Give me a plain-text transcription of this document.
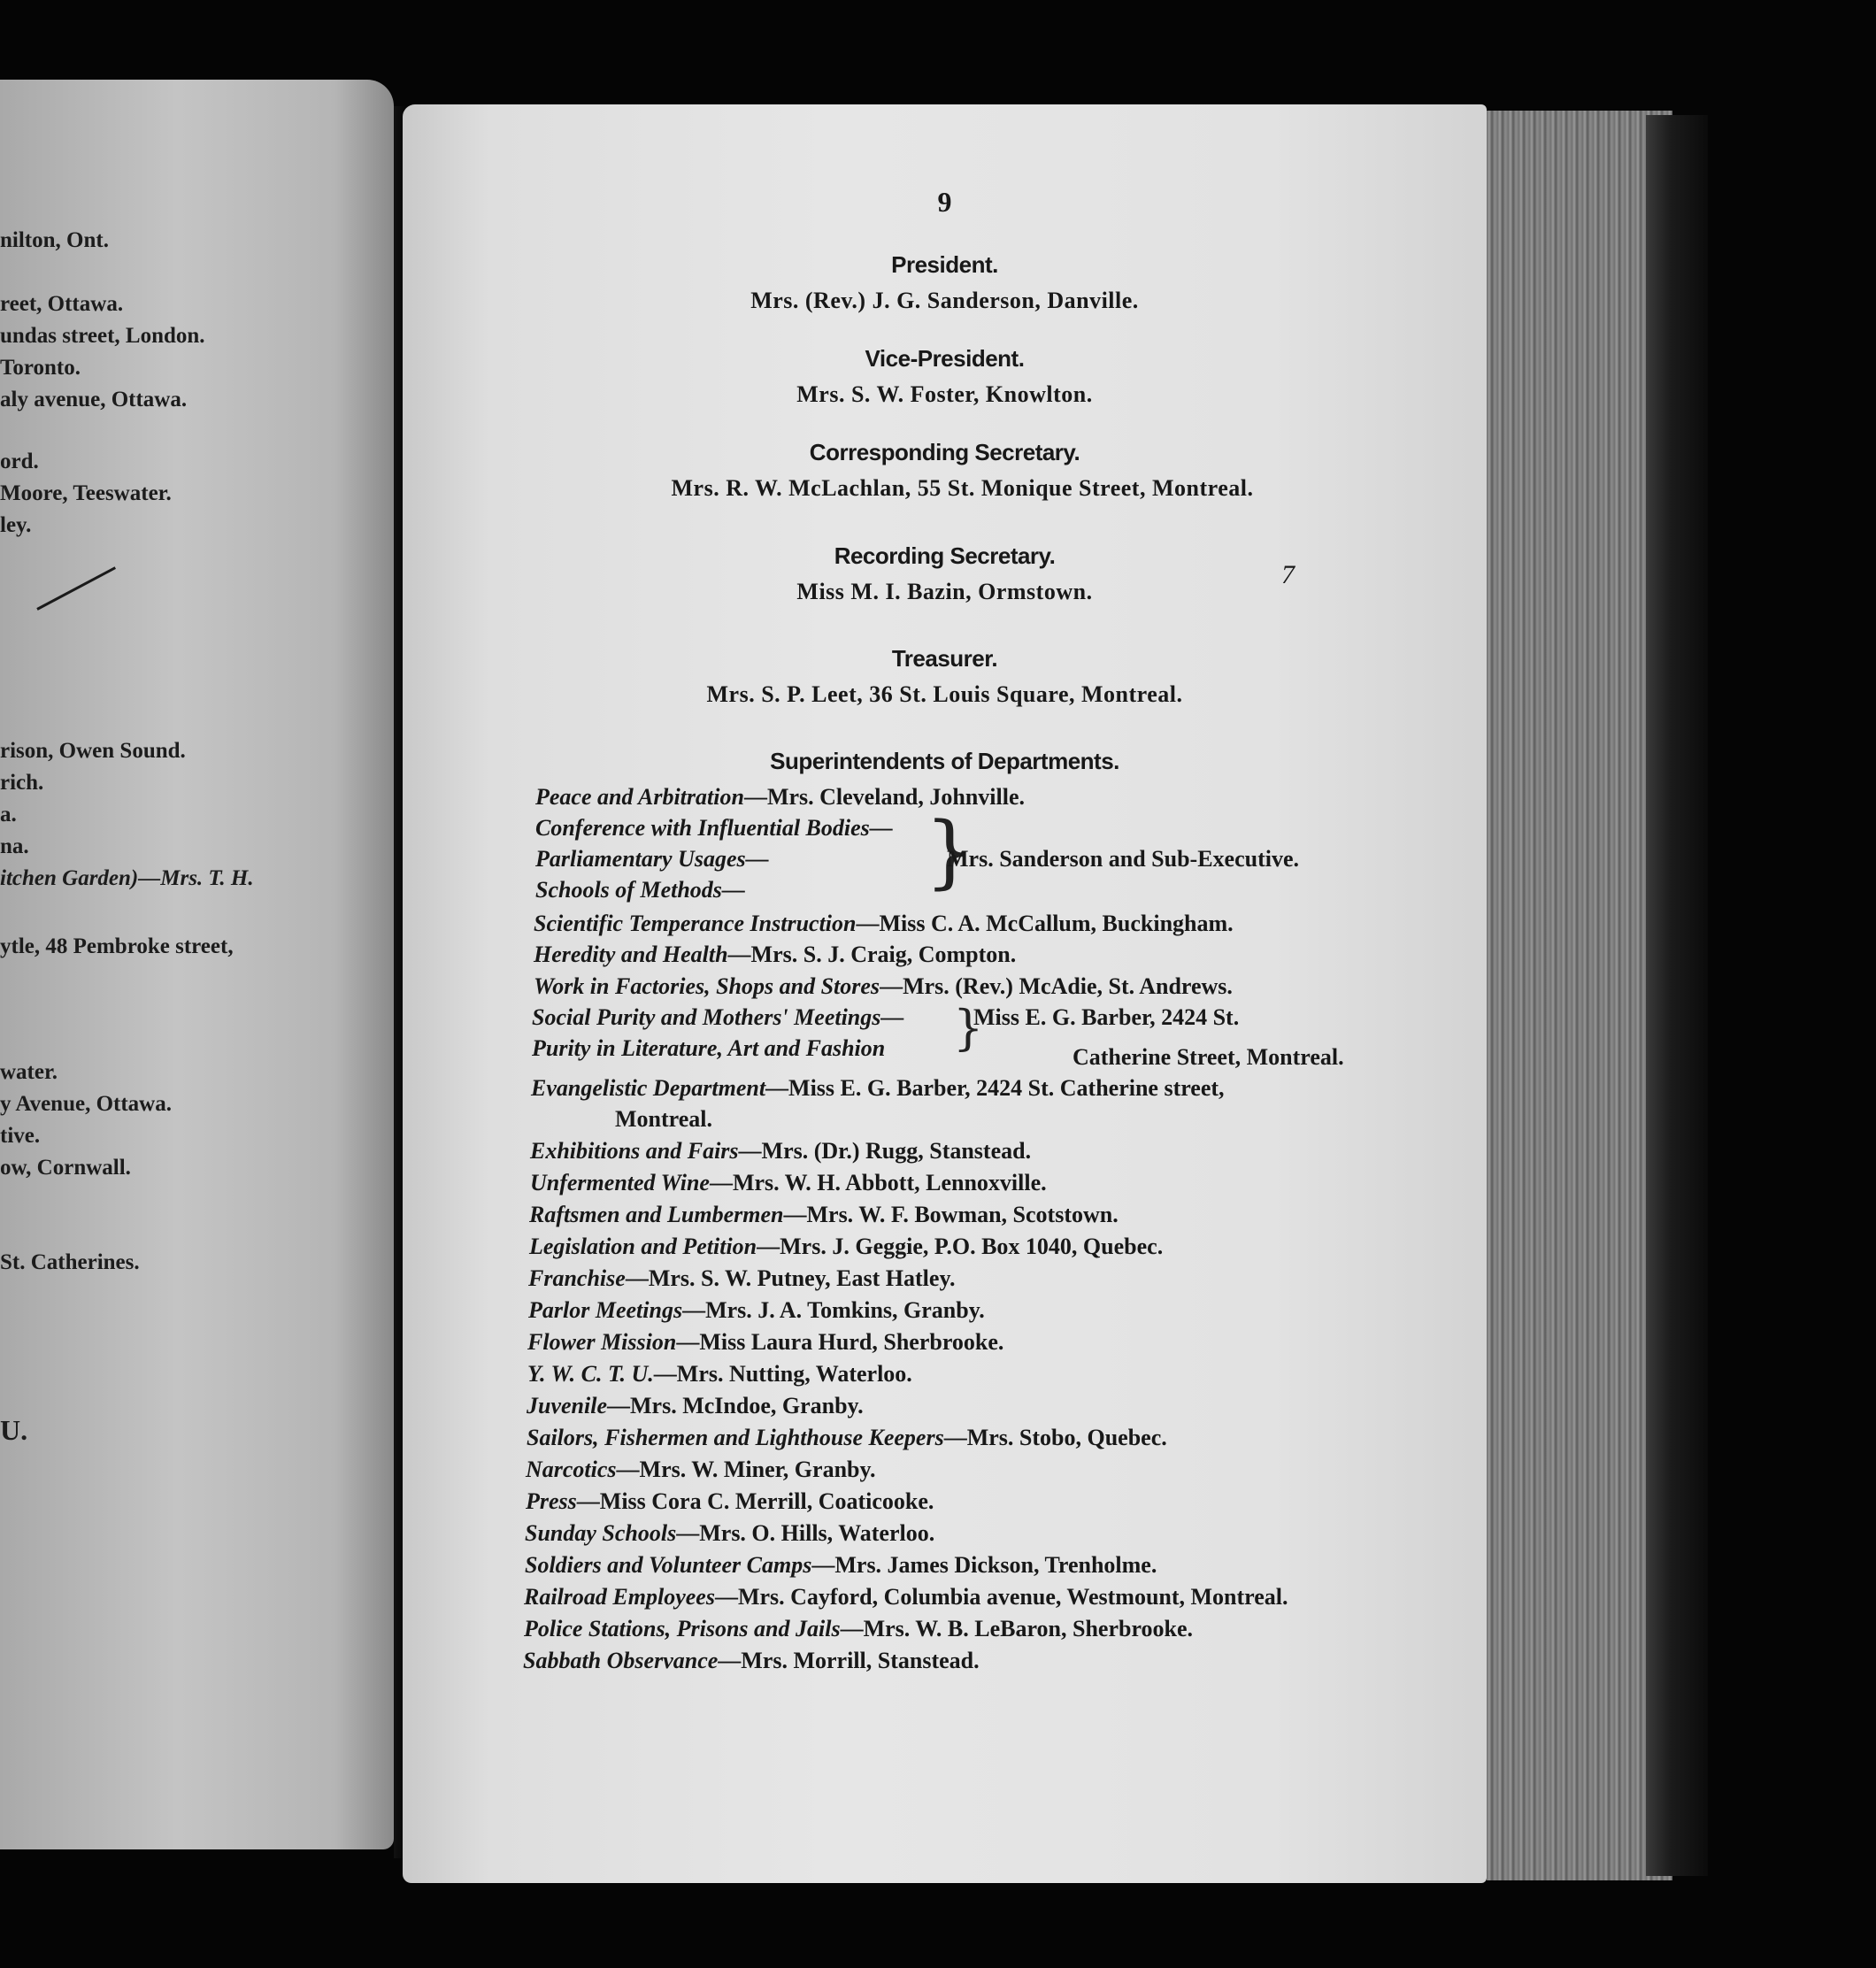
nilton, Ont.
reet, Ottawa.
undas street, London.
Toronto.
aly avenue, Ottawa.
ord.
Moore, Teeswater.
ley.
rison, Owen Sound.
rich.
a.
na.
itchen Garden)—Mrs. T. H.
ytle, 48 Pembroke street,
water.
y Avenue, Ottawa.
tive.
ow, Cornwall.
St. Catherines.
U.
9
President.
Mrs. (Rev.) J. G. Sanderson, Danville.
Vice-President.
Mrs. S. W. Foster, Knowlton.
Corresponding Secretary.
Mrs. R. W. McLachlan, 55 St. Monique Street, Montreal.
Recording Secretary.
Miss M. I. Bazin, Ormstown.
7
Treasurer.
Mrs. S. P. Leet, 36 St. Louis Square, Montreal.
Superintendents of Departments.
Peace and Arbitration—Mrs. Cleveland, Johnville.
Conference with Influential Bodies—
Parliamentary Usages—
Schools of Methods— }
Mrs. Sanderson and Sub-Executive.
Scientific Temperance Instruction—Miss C. A. McCallum, Buckingham.
Heredity and Health—Mrs. S. J. Craig, Compton.
Work in Factories, Shops and Stores—Mrs. (Rev.) McAdie, St. Andrews.
Social Purity and Mothers' Meetings—
Purity in Literature, Art and Fashion }
Miss E. G. Barber, 2424 St.
Catherine Street, Montreal.
Evangelistic Department—Miss E. G. Barber, 2424 St. Catherine street,
Montreal.
Exhibitions and Fairs—Mrs. (Dr.) Rugg, Stanstead.
Unfermented Wine—Mrs. W. H. Abbott, Lennoxville.
Raftsmen and Lumbermen—Mrs. W. F. Bowman, Scotstown.
Legislation and Petition—Mrs. J. Geggie, P.O. Box 1040, Quebec.
Franchise—Mrs. S. W. Putney, East Hatley.
Parlor Meetings—Mrs. J. A. Tomkins, Granby.
Flower Mission—Miss Laura Hurd, Sherbrooke.
Y. W. C. T. U.—Mrs. Nutting, Waterloo.
Juvenile—Mrs. McIndoe, Granby.
Sailors, Fishermen and Lighthouse Keepers—Mrs. Stobo, Quebec.
Narcotics—Mrs. W. Miner, Granby.
Press—Miss Cora C. Merrill, Coaticooke.
Sunday Schools—Mrs. O. Hills, Waterloo.
Soldiers and Volunteer Camps—Mrs. James Dickson, Trenholme.
Railroad Employees—Mrs. Cayford, Columbia avenue, Westmount, Montreal.
Police Stations, Prisons and Jails—Mrs. W. B. LeBaron, Sherbrooke.
Sabbath Observance—Mrs. Morrill, Stanstead.
